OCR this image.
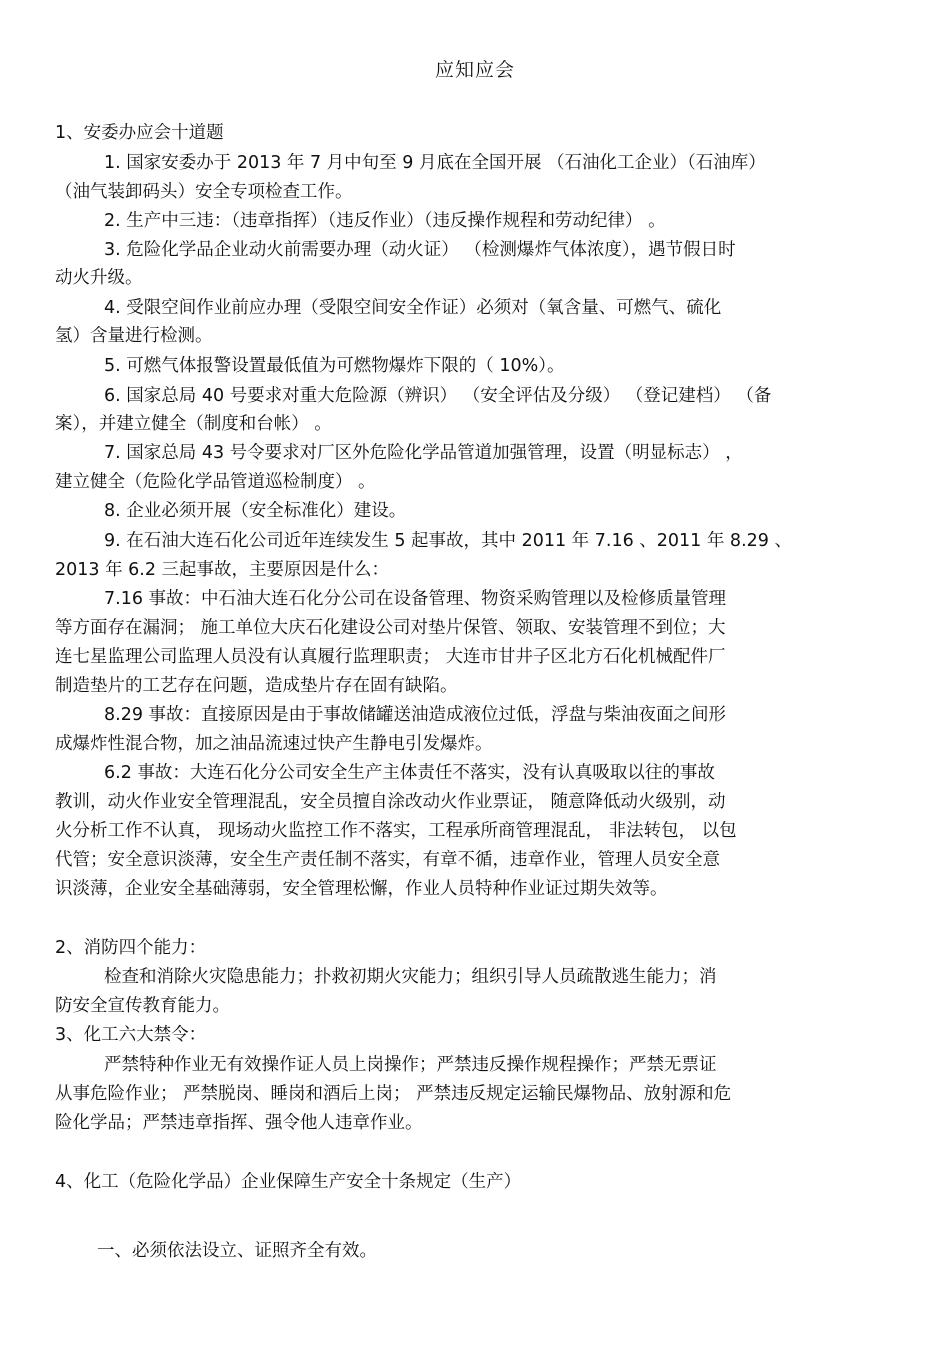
应知应会
1、安委办应会十道题
1. 国家安委办于 2013 年 7 月中旬至 9 月底在全国开展 （石油化工企业）（石油库）
（油气装卸码头）安全专项检查工作。
2. 生产中三违：（违章指挥）（违反作业）（违反操作规程和劳动纪律） 。
3. 危险化学品企业动火前需要办理（动火证） （检测爆炸气体浓度），遇节假日时
动火升级。
4. 受限空间作业前应办理（受限空间安全作证）必须对（氧含量、可燃气、硫化
氢）含量进行检测。
5. 可燃气体报警设置最低值为可燃物爆炸下限的（ 10%）。
6. 国家总局 40 号要求对重大危险源（辨识） （安全评估及分级） （登记建档） （备
案），并建立健全（制度和台帐） 。
7. 国家总局 43 号令要求对厂区外危险化学品管道加强管理，设置（明显标志） ，
建立健全（危险化学品管道巡检制度） 。
8. 企业必须开展（安全标准化）建设。
9. 在石油大连石化公司近年连续发生 5 起事故，其中 2011 年 7.16 、2011 年 8.29 、
2013 年 6.2 三起事故，主要原因是什么：
7.16 事故：中石油大连石化分公司在设备管理、物资采购管理以及检修质量管理
等方面存在漏洞； 施工单位大庆石化建设公司对垫片保管、领取、安装管理不到位；大
连七星监理公司监理人员没有认真履行监理职责； 大连市甘井子区北方石化机械配件厂
制造垫片的工艺存在问题，造成垫片存在固有缺陷。
8.29 事故：直接原因是由于事故储罐送油造成液位过低，浮盘与柴油夜面之间形
成爆炸性混合物，加之油品流速过快产生静电引发爆炸。
6.2 事故：大连石化分公司安全生产主体责任不落实，没有认真吸取以往的事故
教训，动火作业安全管理混乱，安全员擅自涂改动火作业票证， 随意降低动火级别，动
火分析工作不认真， 现场动火监控工作不落实，工程承所商管理混乱， 非法转包， 以包
代管；安全意识淡薄，安全生产责任制不落实，有章不循，违章作业，管理人员安全意
识淡薄，企业安全基础薄弱，安全管理松懈，作业人员特种作业证过期失效等。
2、消防四个能力：
检查和消除火灾隐患能力；扑救初期火灾能力；组织引导人员疏散逃生能力；消
防安全宣传教育能力。
3、化工六大禁令：
严禁特种作业无有效操作证人员上岗操作；严禁违反操作规程操作；严禁无票证
从事危险作业； 严禁脱岗、睡岗和酒后上岗； 严禁违反规定运输民爆物品、放射源和危
险化学品；严禁违章指挥、强令他人违章作业。
4、化工（危险化学品）企业保障生产安全十条规定（生产）
一、必须依法设立、证照齐全有效。
